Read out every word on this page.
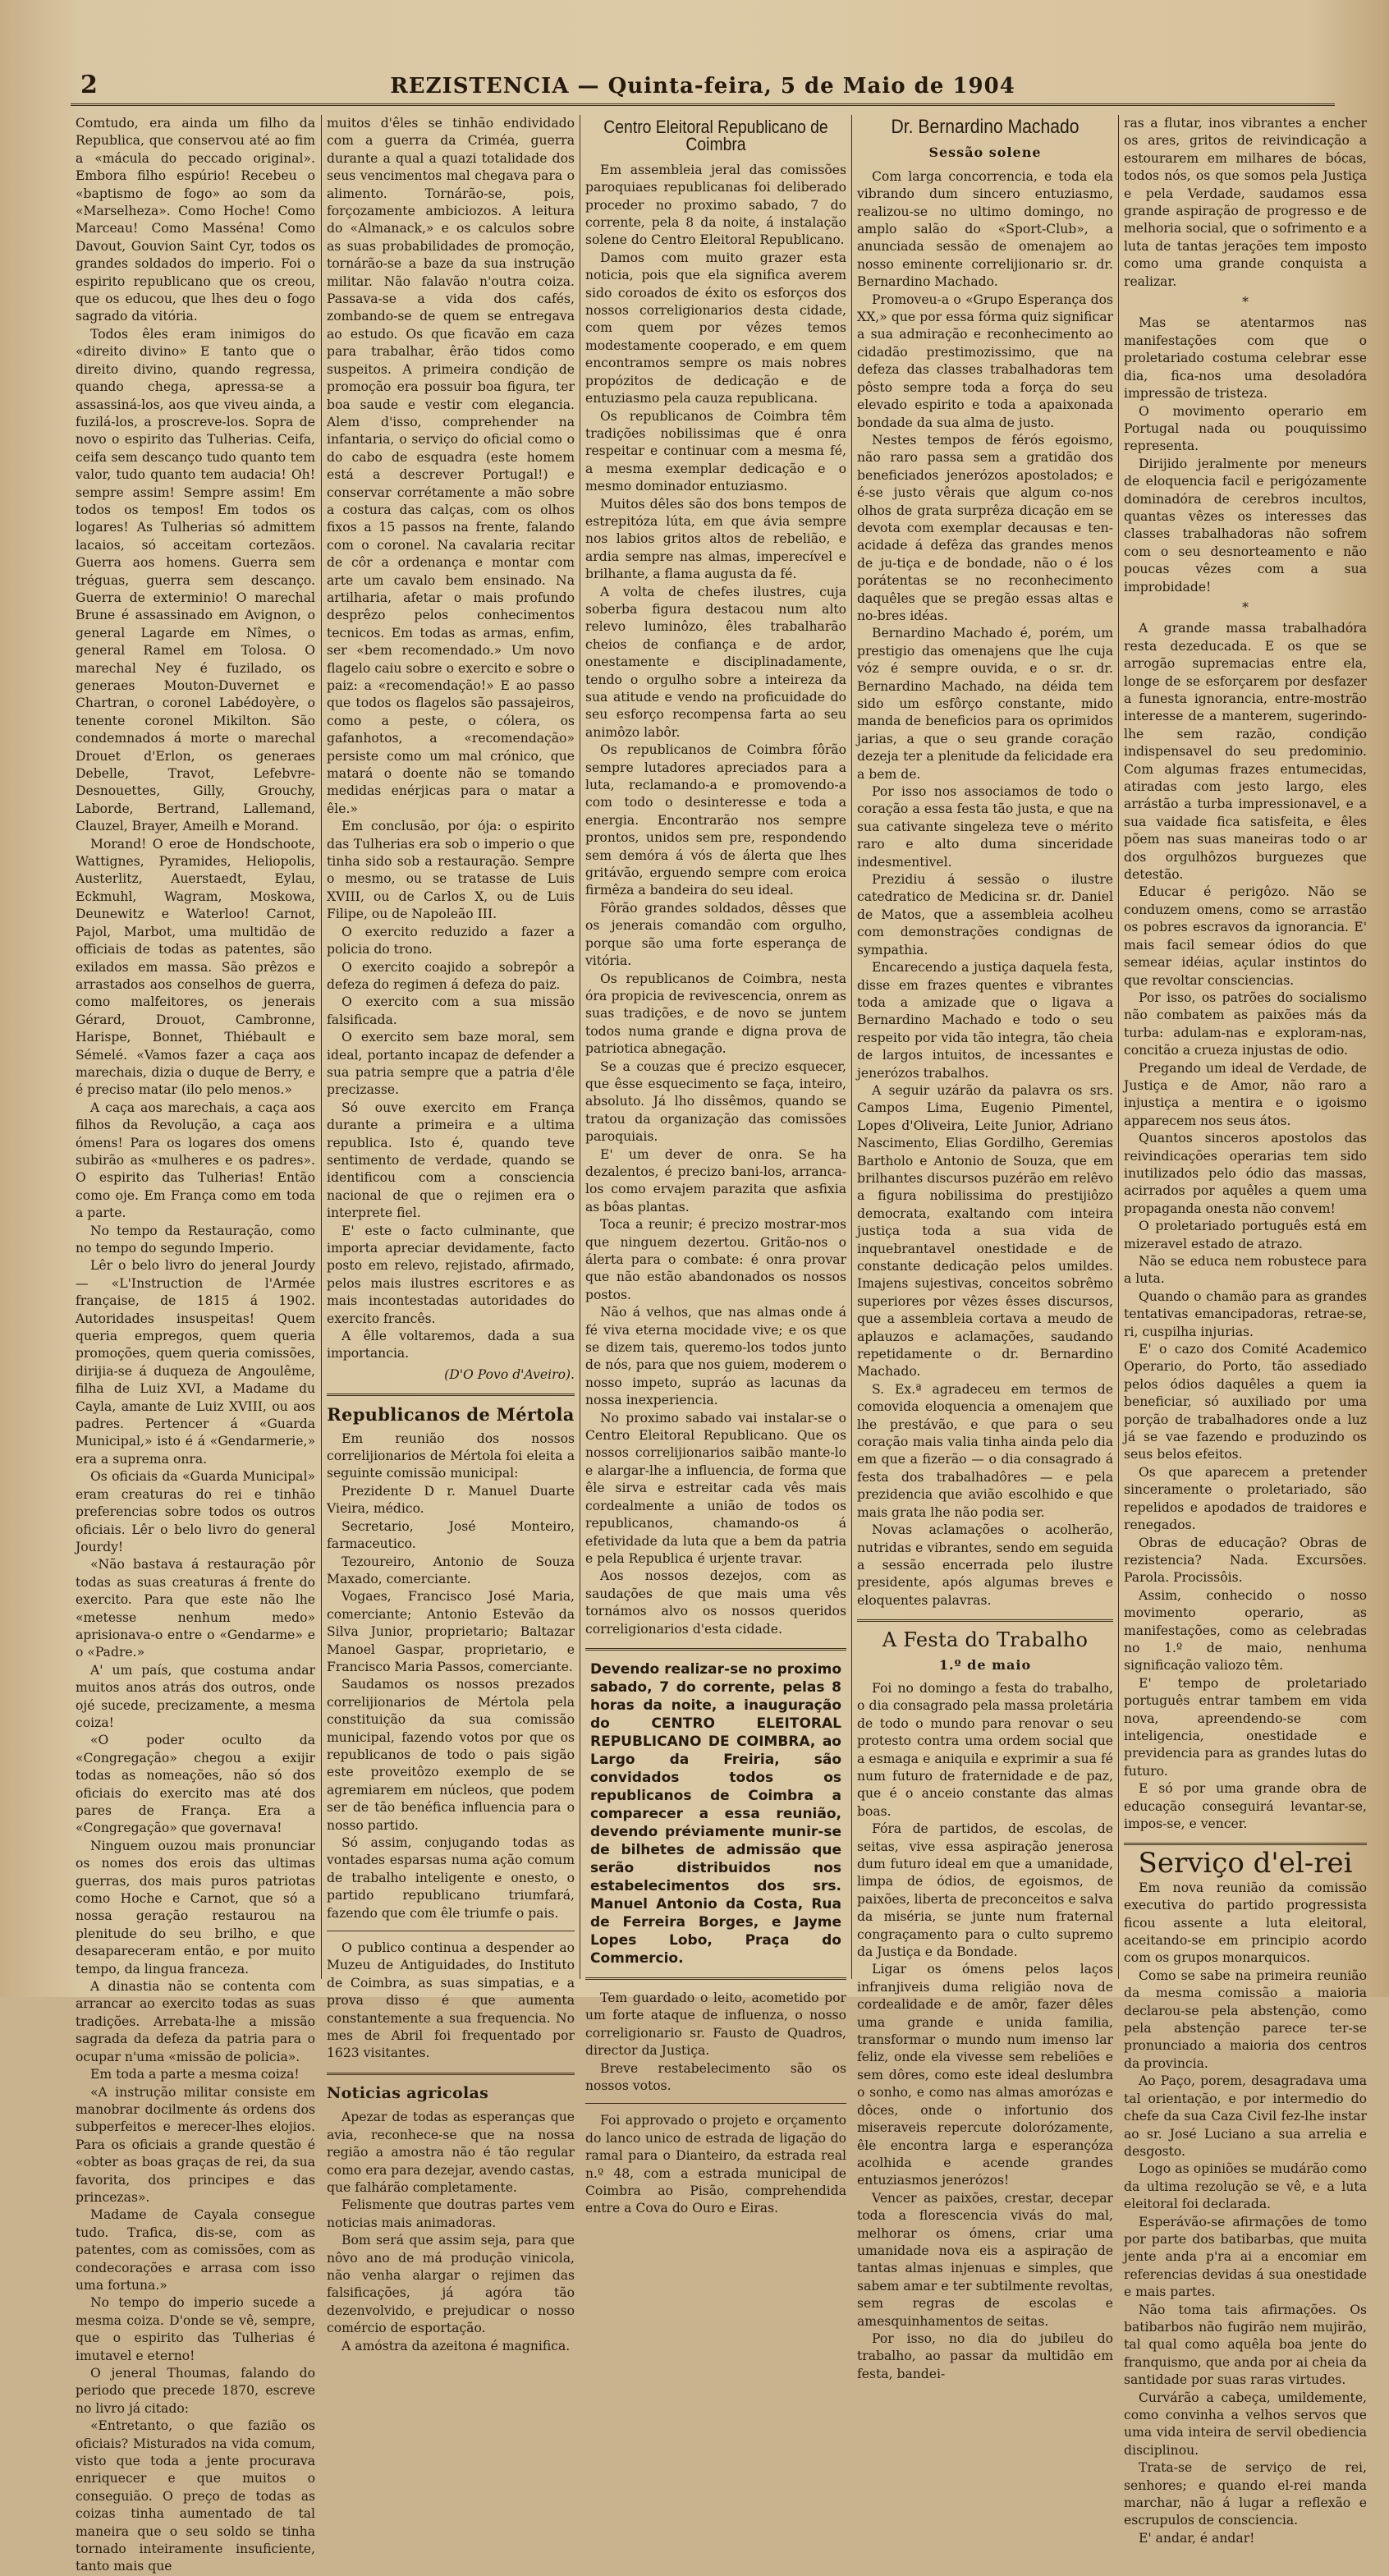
2	REZISTENCIA — Quinta-feira, 5 de Maio de 1904

Comtudo, era ainda um filho da Republica, que conservou até ao fim a «mácula do peccado original». Embora filho espúrio! Recebeu o «baptismo de fogo» ao som da «Marselheza». Como Hoche! Como Marceau! Como Masséna! Como Davout, Gouvion Saint Cyr, todos os grandes soldados do imperio. Foi o espirito republicano que os creou, que os educou, que lhes deu o fogo sagrado da vitória.

Todos êles eram inimigos do «direito divino» E tanto que o direito divino, quando regressa, quando chega, apressa-se a assassiná-los, aos que viveu ainda, a fuzilá-los, a proscreve-los. Sopra de novo o espirito das Tulherias. Ceifa, ceifa sem descanço tudo quanto tem valor, tudo quanto tem audacia! Oh! sempre assim! Sempre assim! Em todos os tempos! Em todos os logares! As Tulherias só admittem lacaios, só acceitam cortezãos. Guerra aos homens. Guerra sem tréguas, guerra sem descanço. Guerra de exterminio! O marechal Brune é assassinado em Avignon, o general Lagarde em Nîmes, o general Ramel em Tolosa. O marechal Ney é fuzilado, os generaes Mouton-Duvernet e Chartran, o coronel Labédoyère, o tenente coronel Mikilton. São condemnados á morte o marechal Drouet d'Erlon, os generaes Debelle, Travot, Lefebvre-Desnouettes, Gilly, Grouchy, Laborde, Bertrand, Lallemand, Clauzel, Brayer, Ameilh e Morand.

Morand! O eroe de Hondschoote, Wattignes, Pyramides, Heliopolis, Austerlitz, Auerstaedt, Eylau, Eckmuhl, Wagram, Moskowa, Deunewitz e Waterloo! Carnot, Pajol, Marbot, uma multidão de officiais de todas as patentes, são exilados em massa. São prêzos e arrastados aos conselhos de guerra, como malfeitores, os jenerais Gérard, Drouot, Cambronne, Harispe, Bonnet, Thiébault e Sémelé. «Vamos fazer a caça aos marechais, dizia o duque de Berry, e é preciso matar (ilo pelo menos.»

A caça aos marechais, a caça aos filhos da Revolução, a caça aos ómens! Para os logares dos omens subirão as «mulheres e os padres». O espirito das Tulherias! Então como oje. Em França como em toda a parte.

No tempo da Restauração, como no tempo do segundo Imperio.

Lêr o belo livro do jeneral Jourdy — «L'Instruction de l'Armée française, de 1815 á 1902. Autoridades insuspeitas! Quem queria empregos, quem queria promoções, quem queria comissões, dirijia-se á duqueza de Angoulême, filha de Luiz XVI, a Madame du Cayla, amante de Luiz XVIII, ou aos padres. Pertencer á «Guarda Municipal,» isto é á «Gendarmerie,» era a suprema onra.

Os oficiais da «Guarda Municipal» eram creaturas do rei e tinhão preferencias sobre todos os outros oficiais. Lêr o belo livro do general Jourdy!

«Não bastava á restauração pôr todas as suas creaturas á frente do exercito. Para que este não lhe «metesse nenhum medo» aprisionava-o entre o «Gendarme» e o «Padre.»

A' um país, que costuma andar muitos anos atrás dos outros, onde ojé sucede, precizamente, a mesma coiza!

«O poder oculto da «Congregação» chegou a exijir todas as nomeações, não só dos oficiais do exercito mas até dos pares de França. Era a «Congregação» que governava!

Ninguem ouzou mais pronunciar os nomes dos erois das ultimas guerras, dos mais puros patriotas como Hoche e Carnot, que só a nossa geração restaurou na plenitude do seu brilho, e que desapareceram então, e por muito tempo, da lingua franceza.

A dinastia não se contenta com arrancar ao exercito todas as suas tradições. Arrebata-lhe a missão sagrada da defeza da patria para o ocupar n'uma «missão de policia».

Em toda a parte a mesma coiza!

«A instrução militar consiste em manobrar docilmente ás ordens dos subperfeitos e merecer-lhes elojios. Para os oficiais a grande questão é «obter as boas graças de rei, da sua favorita, dos principes e das princezas».

Madame de Cayala consegue tudo. Trafica, dis-se, com as patentes, com as comissões, com as condecorações e arrasa com isso uma fortuna.»

No tempo do imperio sucede a mesma coiza. D'onde se vê, sempre, que o espirito das Tulherias é imutavel e eterno!

O jeneral Thoumas, falando do periodo que precede 1870, escreve no livro já citado:

«Entretanto, o que fazião os oficiais? Misturados na vida comum, visto que toda a jente procurava enriquecer e que muitos o conseguião. O preço de todas as coizas tinha aumentado de tal maneira que o seu soldo se tinha tornado inteiramente insuficiente, tanto mais que

muitos d'êles se tinhão endividado com a guerra da Criméa, guerra durante a qual a quazi totalidade dos seus vencimentos mal chegava para o alimento. Tornárão-se, pois, forçozamente ambiciozos. A leitura do «Almanack,» e os calculos sobre as suas probabilidades de promoção, tornárão-se a baze da sua instrução militar. Não falavão n'outra coiza. Passava-se a vida dos cafés, zombando-se de quem se entregava ao estudo. Os que ficavão em caza para trabalhar, êrão tidos como suspeitos. A primeira condição de promoção era possuir boa figura, ter boa saude e vestir com elegancia. Alem d'isso, comprehender na infantaria, o serviço do oficial como o do cabo de esquadra (este homem está a descrever Portugal!) e conservar corrétamente a mão sobre a costura das calças, com os olhos fixos a 15 passos na frente, falando com o coronel. Na cavalaria recitar de côr a ordenança e montar com arte um cavalo bem ensinado. Na artilharia, afetar o mais profundo desprêzo pelos conhecimentos tecnicos. Em todas as armas, enfim, ser «bem recomendado.» Um novo flagelo caiu sobre o exercito e sobre o paiz: a «recomendação!» E ao passo que todos os flagelos são passajeiros, como a peste, o cólera, os gafanhotos, a «recomendação» persiste como um mal crónico, que matará o doente não se tomando medidas enérjicas para o matar a êle.»

Em conclusão, por ója: o espirito das Tulherias era sob o imperio o que tinha sido sob a restauração. Sempre o mesmo, ou se tratasse de Luis XVIII, ou de Carlos X, ou de Luis Filipe, ou de Napoleão III.

O exercito reduzido a fazer a policia do trono.

O exercito coajido a sobrepôr a defeza do regimen á defeza do paiz.

O exercito com a sua missão falsificada.

O exercito sem baze moral, sem ideal, portanto incapaz de defender a sua patria sempre que a patria d'êle precizasse.

Só ouve exercito em França durante a primeira e a ultima republica. Isto é, quando teve sentimento de verdade, quando se identificou com a consciencia nacional de que o rejimen era o interprete fiel.

E' este o facto culminante, que importa apreciar devidamente, facto posto em relevo, rejistado, afirmado, pelos mais ilustres escritores e as mais incontestadas autoridades do exercito francês.

A êlle voltaremos, dada a sua importancia.

(D'O Povo d'Aveiro).
Republicanos de Mértola

Em reunião dos nossos correlijionarios de Mértola foi eleita a seguinte comissão municipal:

Prezidente D r. Manuel Duarte Vieira, médico.

Secretario, José Monteiro, farmaceutico.

Tezoureiro, Antonio de Souza Maxado, comerciante.

Vogaes, Francisco José Maria, comerciante; Antonio Estevão da Silva Junior, proprietario; Baltazar Manoel Gaspar, proprietario, e Francisco Maria Passos, comerciante.

Saudamos os nossos prezados correlijionarios de Mértola pela constituição da sua comissão municipal, fazendo votos por que os republicanos de todo o pais sigão este proveitôzo exemplo de se agremiarem em núcleos, que podem ser de tão benéfica influencia para o nosso partido.

Só assim, conjugando todas as vontades esparsas numa ação comum de trabalho inteligente e onesto, o partido republicano triumfará, fazendo que com êle triumfe o pais.

O publico continua a despender ao Muzeu de Antiguidades, do Instituto de Coimbra, as suas simpatias, e a prova disso é que aumenta constantemente a sua frequencia. No mes de Abril foi frequentado por 1623 visitantes.

Noticias agricolas

Apezar de todas as esperanças que avia, reconhece-se que na nossa região a amostra não é tão regular como era para dezejar, avendo castas, que falhárão completamente.

Felismente que doutras partes vem noticias mais animadoras.

Bom será que assim seja, para que nôvo ano de má produção vinicola, não venha alargar o rejimen das falsificações, já agóra tão dezenvolvido, e prejudicar o nosso comércio de esportação.

A amóstra da azeitona é magnifica.

Centro Eleitoral Republicano de Coimbra

Em assembleia jeral das comissões paroquiaes republicanas foi deliberado proceder no proximo sabado, 7 do corrente, pela 8 da noite, á instalação solene do Centro Eleitoral Republicano.

Damos com muito grazer esta noticia, pois que ela significa averem sido coroados de éxito os esforços dos nossos correligionarios desta cidade, com quem por vêzes temos modestamente cooperado, e em quem encontramos sempre os mais nobres propózitos de dedicação e de entuziasmo pela cauza republicana.

Os republicanos de Coimbra têm tradições nobilissimas que é onra respeitar e continuar com a mesma fé, a mesma exemplar dedicação e o mesmo dominador entuziasmo.

Muitos dêles são dos bons tempos de estrepitóza lúta, em que ávia sempre nos labios gritos altos de rebelião, e ardia sempre nas almas, imperecível e brilhante, a flama augusta da fé.

A volta de chefes ilustres, cuja soberba figura destacou num alto relevo luminôzo, êles trabalharão cheios de confiança e de ardor, onestamente e disciplinadamente, tendo o orgulho sobre a inteireza da sua atitude e vendo na proficuidade do seu esforço recompensa farta ao seu animôzo labôr.

Os republicanos de Coimbra fôrão sempre lutadores apreciados para a luta, reclamando-a e promovendo-a com todo o desinteresse e toda a energia. Encontrarão nos sempre prontos, unidos sem pre, respondendo sem demóra á vós de álerta que lhes gritávão, erguendo sempre com eroica firmêza a bandeira do seu ideal.

Fôrão grandes soldados, dêsses que os jenerais comandão com orgulho, porque são uma forte esperança de vitória.

Os republicanos de Coimbra, nesta óra propicia de revivescencia, onrem as suas tradições, e de novo se juntem todos numa grande e digna prova de patriotica abnegação.

Se a couzas que é precizo esquecer, que êsse esquecimento se faça, inteiro, absoluto. Já lho dissêmos, quando se tratou da organização das comissões paroquiais.

E' um dever de onra. Se ha dezalentos, é precizo bani-los, arranca-los como ervajem parazita que asfixia as bôas plantas.

Toca a reunir; é precizo mostrar-mos que ninguem dezertou. Gritão-nos o álerta para o combate: é onra provar que não estão abandonados os nossos postos.

Não á velhos, que nas almas onde á fé viva eterna mocidade vive; e os que se dizem tais, queremo-los todos junto de nós, para que nos guiem, moderem o nosso impeto, supráo as lacunas da nossa inexperiencia.

No proximo sabado vai instalar-se o Centro Eleitoral Republicano. Que os nossos correlijionarios saibão mante-lo e alargar-lhe a influencia, de forma que êle sirva e estreitar cada vês mais cordealmente a união de todos os republicanos, chamando-os á efetividade da luta que a bem da patria e pela Republica é urjente travar.

Aos nossos dezejos, com as saudações de que mais uma vês tornámos alvo os nossos queridos correligionarios d'esta cidade.

Devendo realizar-se no proximo sabado, 7 do corrente, pelas 8 horas da noite, a inauguração do CENTRO ELEITORAL REPUBLICANO DE COIMBRA, ao Largo da Freiria, são convidados todos os republicanos de Coimbra a comparecer a essa reunião, devendo préviamente munir-se de bilhetes de admissão que serão distribuidos nos estabelecimentos dos srs. Manuel Antonio da Costa, Rua de Ferreira Borges, e Jayme Lopes Lobo, Praça do Commercio.

Tem guardado o leito, acometido por um forte ataque de influenza, o nosso correligionario sr. Fausto de Quadros, director da Justiça.

Breve restabelecimento são os nossos votos.

Foi approvado o projeto e orçamento do lanco unico de estrada de ligação do ramal para o Dianteiro, da estrada real n.º 48, com a estrada municipal de Coimbra ao Pisão, comprehendida entre a Cova do Ouro e Eiras.

Dr. Bernardino Machado
Sessão solene

Com larga concorrencia, e toda ela vibrando dum sincero entuziasmo, realizou-se no ultimo domingo, no amplo salão do «Sport-Club», a anunciada sessão de omenajem ao nosso eminente correlijionario sr. dr. Bernardino Machado.

Promoveu-a o «Grupo Esperança dos XX,» que por essa fórma quiz significar a sua admiração e reconhecimento ao cidadão prestimozissimo, que na defeza das classes trabalhadoras tem pôsto sempre toda a força do seu elevado espirito e toda a apaixonada bondade da sua alma de justo.

Nestes tempos de férós egoismo, não raro passa sem a gratidão dos beneficiados jenerózos apostolados; e é-se justo vêrais que algum co-nos olhos de grata surprêza dicação em se devota com exemplar decausas e ten-acidade á defêza das grandes menos de ju-tiça e de bondade, não o é los porátentas se no reconhecimento daquêles que se pregão essas altas e no-bres idéas.

Bernardino Machado é, porém, um prestigio das omenajens que lhe cuja vóz é sempre ouvida, e o sr. dr. Bernardino Machado, na déida tem sido um esfôrço constante, mido manda de beneficios para os oprimidos jarias, a que o seu grande coração dezeja ter a plenitude da felicidade era a bem de.

Por isso nos associamos de todo o coração a essa festa tão justa, e que na sua cativante singeleza teve o mérito raro e alto duma sinceridade indesmentivel.

Prezidiu á sessão o ilustre catedratico de Medicina sr. dr. Daniel de Matos, que a assembleia acolheu com demonstrações condignas de sympathia.

Encarecendo a justiça daquela festa, disse em frazes quentes e vibrantes toda a amizade que o ligava a Bernardino Machado e todo o seu respeito por vida tão integra, tão cheia de largos intuitos, de incessantes e jenerózos trabalhos.

A seguir uzárão da palavra os srs. Campos Lima, Eugenio Pimentel, Lopes d'Oliveira, Leite Junior, Adriano Nascimento, Elias Gordilho, Geremias Bartholo e Antonio de Souza, que em brilhantes discursos puzérão em relêvo a figura nobilissima do prestijiôzo democrata, exaltando com inteira justiça toda a sua vida de inquebrantavel onestidade e de constante dedicação pelos umildes. Imajens sujestivas, conceitos sobrêmo superiores por vêzes êsses discursos, que a assembleia cortava a meudo de aplauzos e aclamações, saudando repetidamente o dr. Bernardino Machado.

S. Ex.ª agradeceu em termos de comovida eloquencia a omenajem que lhe prestávão, e que para o seu coração mais valia tinha ainda pelo dia em que a fizerão — o dia consagrado á festa dos trabalhadôres — e pela prezidencia que avião escolhido e que mais grata lhe não podia ser.

Novas aclamações o acolherão, nutridas e vibrantes, sendo em seguida a sessão encerrada pelo ilustre presidente, após algumas breves e eloquentes palavras.

A Festa do Trabalho
1.º de maio

Foi no domingo a festa do trabalho, o dia consagrado pela massa proletária de todo o mundo para renovar o seu protesto contra uma ordem social que a esmaga e aniquila e exprimir a sua fé num futuro de fraternidade e de paz, que é o anceio constante das almas boas.

Fóra de partidos, de escolas, de seitas, vive essa aspiração jenerosa dum futuro ideal em que a umanidade, limpa de ódios, de egoismos, de paixões, liberta de preconceitos e salva da miséria, se junte num fraternal congraçamento para o culto supremo da Justiça e da Bondade.

Ligar os ómens pelos laços infranjiveis duma religião nova de cordealidade e de amôr, fazer dêles uma grande e unida familia, transformar o mundo num imenso lar feliz, onde ela vivesse sem rebeliões e sem dôres, como este ideal deslumbra o sonho, e como nas almas amorózas e dôces, onde o infortunio dos miseraveis repercute dolorózamente, êle encontra larga e esperançóza acolhida e acende grandes entuziasmos jenerózos!

Vencer as paixões, crestar, decepar toda a florescencia vivás do mal, melhorar os ómens, criar uma umanidade nova eis a aspiração de tantas almas injenuas e simples, que sabem amar e ter subtilmente revoltas, sem regras de escolas e amesquinhamentos de seitas.

Por isso, no dia do jubileu do trabalho, ao passar da multidão em festa, bandei-

ras a flutar, inos vibrantes a encher os ares, gritos de reivindicação a estourarem em milhares de bócas, todos nós, os que somos pela Justiça e pela Verdade, saudamos essa grande aspiração de progresso e de melhoria social, que o sofrimento e a luta de tantas jerações tem imposto como uma grande conquista a realizar.

*

Mas se atentarmos nas manifestações com que o proletariado costuma celebrar esse dia, fica-nos uma desoladóra impressão de tristeza.

O movimento operario em Portugal nada ou pouquissimo representa.

Dirijido jeralmente por meneurs de eloquencia facil e perigózamente dominadóra de cerebros incultos, quantas vêzes os interesses das classes trabalhadoras não sofrem com o seu desnorteamento e não poucas vêzes com a sua improbidade!

*

A grande massa trabalhadóra resta dezeducada. E os que se arrogão supremacias entre ela, longe de se esforçarem por desfazer a funesta ignorancia, entre-mostrão interesse de a manterem, sugerindo-lhe sem razão, condição indispensavel do seu predominio. Com algumas frazes entumecidas, atiradas com jesto largo, eles arrástão a turba impressionavel, e a sua vaidade fica satisfeita, e êles põem nas suas maneiras todo o ar dos orgulhôzos burguezes que detestão.

Educar é perigôzo. Não se conduzem omens, como se arrastão os pobres escravos da ignorancia. E' mais facil semear ódios do que semear idéias, açular instintos do que revoltar consciencias.

Por isso, os patrões do socialismo não combatem as paixões más da turba: adulam-nas e exploram-nas, concitão a crueza injustas de odio.

Pregando um ideal de Verdade, de Justiça e de Amor, não raro a injustiça a mentira e o igoismo apparecem nos seus átos.

Quantos sinceros apostolos das reivindicações operarias tem sido inutilizados pelo ódio das massas, acirrados por aquêles a quem uma propaganda onesta não convem!

O proletariado português está em mizeravel estado de atrazo.

Não se educa nem robustece para a luta.

Quando o chamão para as grandes tentativas emancipadoras, retrae-se, ri, cuspilha injurias.

E' o cazo dos Comité Academico Operario, do Porto, tão assediado pelos ódios daquêles a quem ia beneficiar, só auxiliado por uma porção de trabalhadores onde a luz já se vae fazendo e produzindo os seus belos efeitos.

Os que aparecem a pretender sinceramente o proletariado, são repelidos e apodados de traidores e renegados.

Obras de educação? Obras de rezistencia? Nada. Excursões. Parola. Procissôis.

Assim, conhecido o nosso movimento operario, as manifestações, como as celebradas no 1.º de maio, nenhuma significação valiozo têm.

E' tempo de proletariado português entrar tambem em vida nova, apreendendo-se com inteligencia, onestidade e previdencia para as grandes lutas do futuro.

E só por uma grande obra de educação conseguirá levantar-se, impos-se, e vencer.

Serviço d'el-rei

Em nova reunião da comissão executiva do partido progressista ficou assente a luta eleitoral, aceitando-se em principio acordo com os grupos monarquicos.

Como se sabe na primeira reunião da mesma comissão a maioria declarou-se pela abstenção, como pela abstenção parece ter-se pronunciado a maioria dos centros da provincia.

Ao Paço, porem, desagradava uma tal orientação, e por intermedio do chefe da sua Caza Civil fez-lhe instar ao sr. José Luciano a sua arrelia e desgosto.

Logo as opiniões se mudárão como da ultima rezolução se vê, e a luta eleitoral foi declarada.

Esperávão-se afirmações de tomo por parte dos batibarbas, que muita jente anda p'ra ai a encomiar em referencias devidas á sua onestidade e mais partes.

Não toma tais afirmações. Os batibarbos não fugirão nem mujirão, tal qual como aquêla boa jente do franquismo, que anda por ai cheia da santidade por suas raras virtudes.

Curvárão a cabeça, umildemente, como convinha a velhos servos que uma vida inteira de servil obediencia disciplinou.

Trata-se de serviço de rei, senhores; e quando el-rei manda marchar, não á lugar a reflexão e escrupulos de consciencia.

E' andar, é andar!
